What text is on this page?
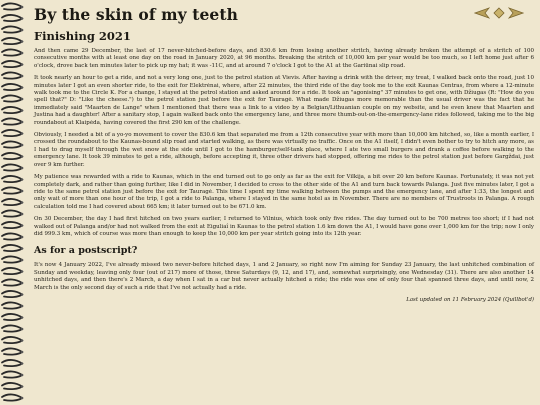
By the skin of my teeth
Finishing 2021

And then came 29 December, the last of 17 never-hitched-before days, and 830.6 km from losing another stritch, having already broken the attempt of a stritch of 100 consecutive months with at least one day on the road in January 2020, at 96 months. Breaking the stritch of 10,000 km per year would be too much, so I left home just after 6 o'clock, drove back ten minutes later to pick up my hat; it was -11C, and at around 7 o'clock I got to the A1 at the Gariūnai slip road.

It took nearly an hour to get a ride, and not a very long one, just to the petrol station at Vievis. After having a drink with the driver, my treat, I walked back onto the road, just 10 minutes later I got an even shorter ride, to the exit for Elektrėnai, where, after 22 minutes, the third ride of the day took me to the exit Kaunas Centras, from where a 12-minute walk took me to the Circle K. For a change, I stayed at the petrol station and asked around for a ride. It took an "agonising" 37 minutes to get one, with Džiugas (R: "How do you spell that?" D: "Like the cheese.") to the petrol station just before the exit for Tauragė. What made Džiugas more memorable than the usual driver was the fact that he immediately said "Maarten de Lange" when I mentioned that there was a link to a video by a Belgian/Lithuanian couple on my website, and he even knew that Maarten and Justina had a daughter! After a sanitary stop, I again walked back onto the emergency lane, and three more thumb-out-on-the-emergency-lane rides followed, taking me to the big roundabout at Klaipėda, having covered the first 290 km of the challenge.

Obviously, I needed a bit of a yo-yo movement to cover the 830.6 km that separated me from a 12th consecutive year with more than 10,000 km hitched, so, like a month earlier, I crossed the roundabout to the Kaunas-bound slip road and started walking, as there was virtually no traffic. Once on the A1 itself, I didn't even bother to try to hitch any more, as I had to drag myself through the wet snow at the side until I got to the hamburger/self-tank place, where I ate two small burgers and drank a coffee before walking to the emergency lane. It took 39 minutes to get a ride, although, before accepting it, three other drivers had stopped, offering me rides to the petrol station just before Gargždai, just over 9 km further.

My patience was rewarded with a ride to Kaunas, which in the end turned out to go only as far as the exit for Vilkija, a bit over 20 km before Kaunas. Fortunately, it was not yet completely dark, and rather than going further, like I did in November, I decided to cross to the other side of the A1 and turn back towards Palanga. Just five minutes later, I got a ride to the same petrol station just before the exit for Tauragė. This time I spent my time walking between the pumps and the emergency lane, and after 1:33, the longest and only wait of more than one hour of the trip, I got a ride to Palanga, where I stayed in the same hotel as in November. There are no members of Trustroots in Palanga. A rough calculation told me I had covered about 665 km; it later turned out to be 671.0 km.

On 30 December, the day I had first hitched on two years earlier, I returned to Vilnius, which took only five rides. The day turned out to be 700 metres too short; if I had not walked out of Palanga and/or had not walked from the exit at Eiguliaî in Kaunas to the petrol station 1.6 km down the A1, I would have gone over 1,000 km for the trip; now I only did 999.3 km, which of course was more than enough to keep the 10,000 km per year stritch going into its 12th year.

As for a postscript?

It's now 4 January 2022, I've already missed two never-before hitched days, 1 and 2 January, so right now I'm aiming for Sunday 23 January, the last unhitched combination of Sunday and weekday, leaving only four (out of 217) more of those, three Saturdays (9, 12, and 17), and, somewhat surprisingly, one Wednesday (31). There are also another 14 unhitched days, and then there's 2 March, a day when I sat in a car but never actually hitched a ride; the ride was one of only four that spanned three days, and until now, 2 March is the only second day of such a ride that I've not actually had a ride.

Last updated on 11 February 2024 (Quillbot'd)
